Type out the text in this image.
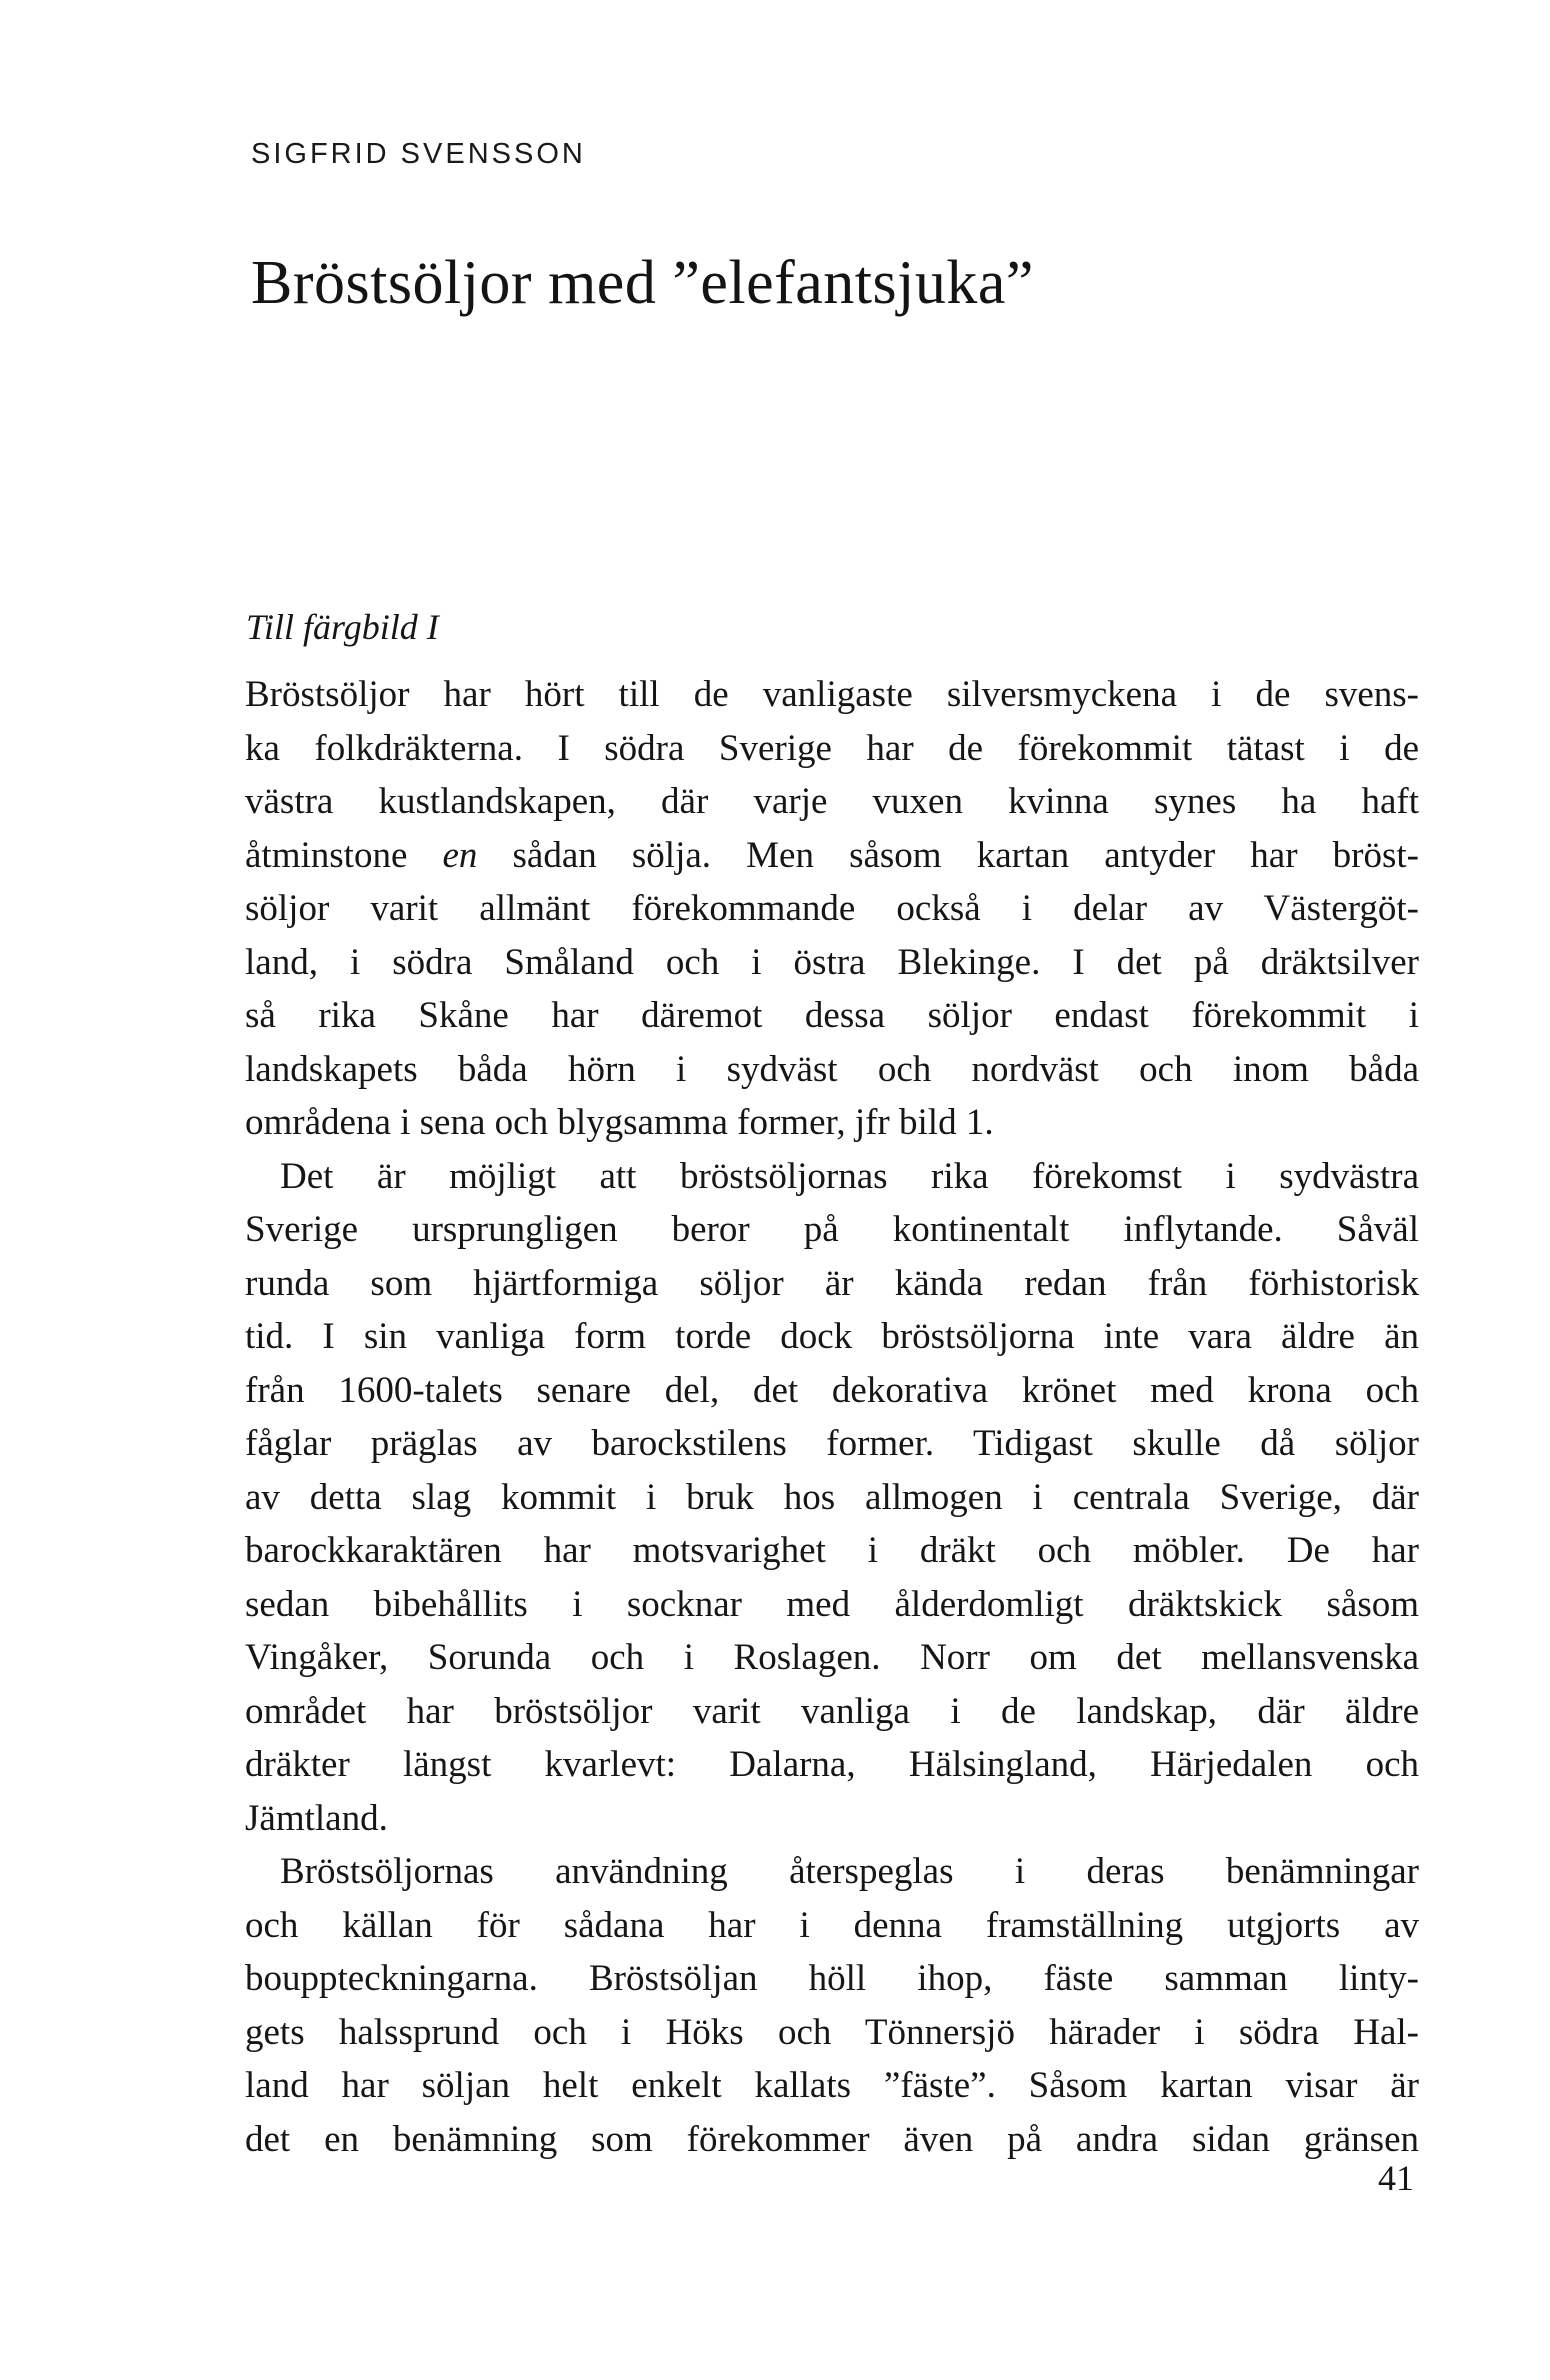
SIGFRID SVENSSON
Bröstsöljor med ”elefantsjuka”
Till färgbild I

Bröstsöljor har hört till de vanligaste silversmyckena i de svens-

ka folkdräkterna. I södra Sverige har de förekommit tätast i de

västra kustlandskapen, där varje vuxen kvinna synes ha haft

åtminstone en sådan sölja. Men såsom kartan antyder har bröst-

söljor varit allmänt förekommande också i delar av Västergöt-

land, i södra Småland och i östra Blekinge. I det på dräktsilver

så rika Skåne har däremot dessa söljor endast förekommit i

landskapets båda hörn i sydväst och nordväst och inom båda

områdena i sena och blygsamma former, jfr bild 1.

Det är möjligt att bröstsöljornas rika förekomst i sydvästra

Sverige ursprungligen beror på kontinentalt inflytande. Såväl

runda som hjärtformiga söljor är kända redan från förhistorisk

tid. I sin vanliga form torde dock bröstsöljorna inte vara äldre än

från 1600-talets senare del, det dekorativa krönet med krona och

fåglar präglas av barockstilens former. Tidigast skulle då söljor

av detta slag kommit i bruk hos allmogen i centrala Sverige, där

barockkaraktären har motsvarighet i dräkt och möbler. De har

sedan bibehållits i socknar med ålderdomligt dräktskick såsom

Vingåker, Sorunda och i Roslagen. Norr om det mellansvenska

området har bröstsöljor varit vanliga i de landskap, där äldre

dräkter längst kvarlevt: Dalarna, Hälsingland, Härjedalen och

Jämtland.

Bröstsöljornas användning återspeglas i deras benämningar

och källan för sådana har i denna framställning utgjorts av

bouppteckningarna. Bröstsöljan höll ihop, fäste samman linty-

gets halssprund och i Höks och Tönnersjö härader i södra Hal-

land har söljan helt enkelt kallats ”fäste”. Såsom kartan visar är

det en benämning som förekommer även på andra sidan gränsen

41
